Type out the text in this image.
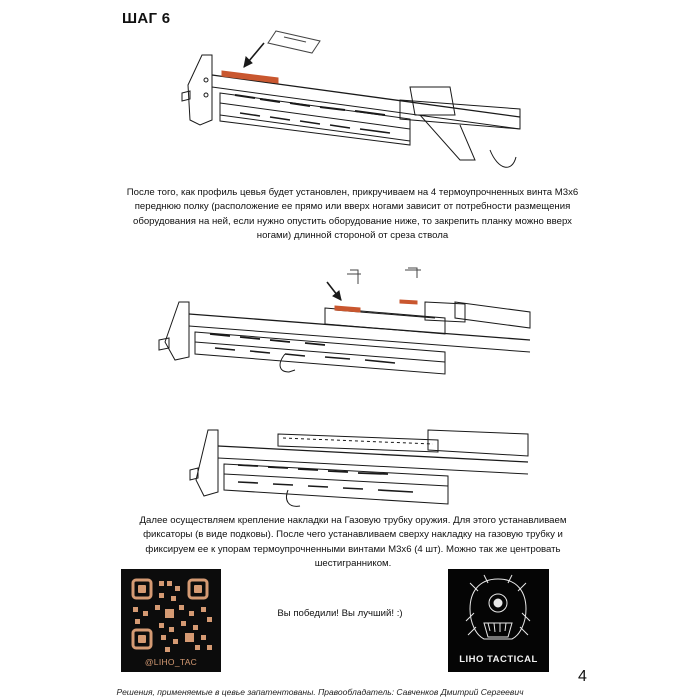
ШАГ 6
После того, как профиль цевья будет установлен, прикручиваем на 4 термоупрочненных винта М3х6 переднюю полку (расположение ее прямо или вверх ногами зависит от потребности размещения оборудования на ней, если нужно опустить оборудование ниже, то закрепить планку можно вверх ногами) длинной стороной от среза ствола
Далее осуществляем крепление накладки на Газовую трубку оружия. Для этого устанавливаем фиксаторы (в виде подковы). После чего устанавливаем сверху накладку на газовую трубку и фиксируем ее к упорам термоупрочненными винтами М3х6 (4 шт). Можно так же центровать шестигранником.
@LIHO_TAC
Вы победили! Вы лучший! :)
LIHO TACTICAL
4
Решения, применяемые в цевье запатентованы. Правообладатель: Савченков Дмитрий Сергеевич
